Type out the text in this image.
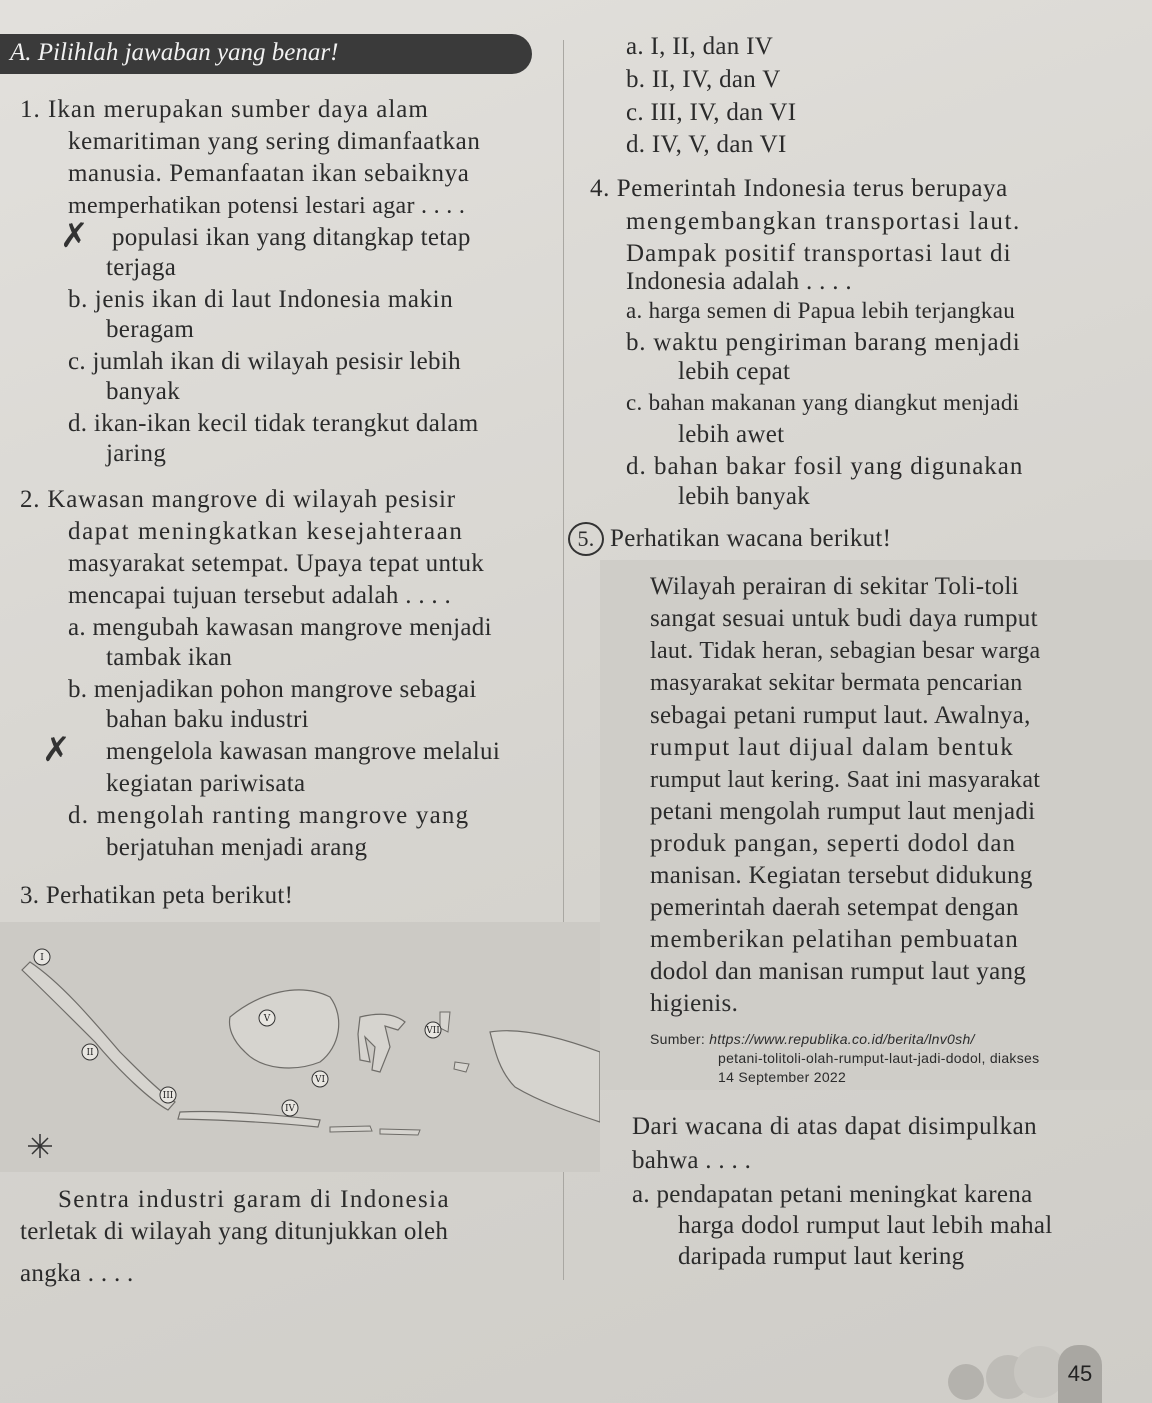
A. Pilihlah jawaban yang benar!
1. Ikan merupakan sumber daya alam
kemaritiman yang sering dimanfaatkan
manusia. Pemanfaatan ikan sebaiknya
memperhatikan potensi lestari agar . . . .
✗ populasi ikan yang ditangkap tetap
terjaga
b. jenis ikan di laut Indonesia makin
beragam
c. jumlah ikan di wilayah pesisir lebih
banyak
d. ikan-ikan kecil tidak terangkut dalam
jaring
2. Kawasan mangrove di wilayah pesisir
dapat meningkatkan kesejahteraan
masyarakat setempat. Upaya tepat untuk
mencapai tujuan tersebut adalah . . . .
a. mengubah kawasan mangrove menjadi
tambak ikan
b. menjadikan pohon mangrove sebagai
bahan baku industri
✗ mengelola kawasan mangrove melalui
kegiatan pariwisata
d. mengolah ranting mangrove yang
berjatuhan menjadi arang
3. Perhatikan peta berikut!
I
II
III
IV
V
VI
VII
Sentra industri garam di Indonesia
terletak di wilayah yang ditunjukkan oleh
angka . . . .
a. I, II, dan IV
b. II, IV, dan V
c. III, IV, dan VI
d. IV, V, dan VI
4. Pemerintah Indonesia terus berupaya
mengembangkan transportasi laut.
Dampak positif transportasi laut di
Indonesia adalah . . . .
a. harga semen di Papua lebih terjangkau
b. waktu pengiriman barang menjadi
lebih cepat
c. bahan makanan yang diangkut menjadi
lebih awet
d. bahan bakar fosil yang digunakan
lebih banyak
5. Perhatikan wacana berikut!
Wilayah perairan di sekitar Toli-toli
sangat sesuai untuk budi daya rumput
laut. Tidak heran, sebagian besar warga
masyarakat sekitar bermata pencarian
sebagai petani rumput laut. Awalnya,
rumput laut dijual dalam bentuk
rumput laut kering. Saat ini masyarakat
petani mengolah rumput laut menjadi
produk pangan, seperti dodol dan
manisan. Kegiatan tersebut didukung
pemerintah daerah setempat dengan
memberikan pelatihan pembuatan
dodol dan manisan rumput laut yang
higienis.
Sumber: https://www.republika.co.id/berita/lnv0sh/
petani-tolitoli-olah-rumput-laut-jadi-dodol, diakses
14 September 2022
Dari wacana di atas dapat disimpulkan
bahwa . . . .
a. pendapatan petani meningkat karena
harga dodol rumput laut lebih mahal
daripada rumput laut kering
45
